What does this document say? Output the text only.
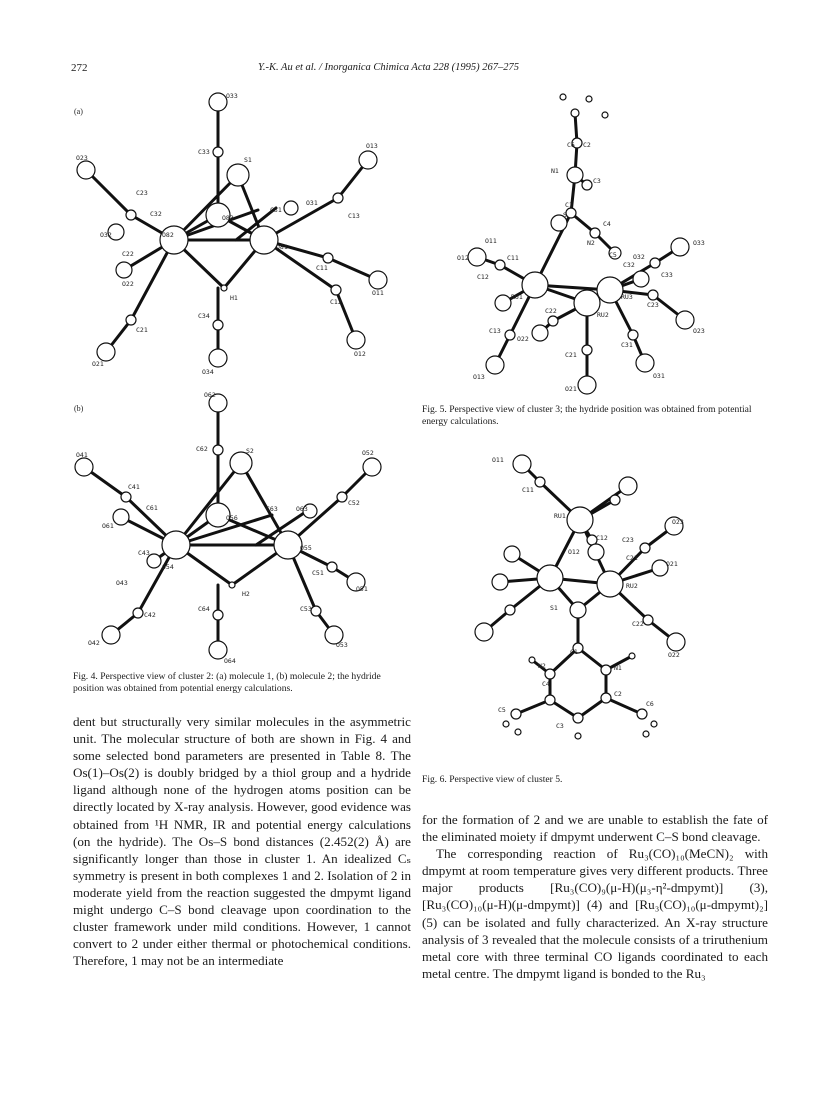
272	Y.-K. Au et al. / Inorganica Chimica Acta 228 (1995) 267–275
(a)
O33
C33
S1
O13
O23
C23
O31
C13
C32	C31
O32
O83
O82
O81
C22
C11
O11
O22
H1	C12
C34
C21
O12
O21
O34
(b)
O62
C62	S2
O41	O52
C41
C61	C63	O63
O61
O56
C52
C43
O55
O54
C51
O43
H2
O51
C42
C64	C53
O42	O53
O64
Fig. 4. Perspective view of cluster 2: (a) molecule 1, (b) molecule 2; the hydride position was obtained from potential energy calculations.
C6 C2
N1
C3
C1
S
C4
O11
O32
O33
O12	C11
N2
C5
C32
C12
RU1	RU3
C33
C23
C22	RU2
C13	O23
O22
C31
C21
O13	O31
O21
Fig. 5. Perspective view of cluster 3; the hydride position was obtained from potential energy calculations.
O11
C11
RU1
O23
C12 C23
O12
O21
C21
RU2
S1
C22
O22
N2
C1
N1
C4
C2
C5
C6
C3
Fig. 6. Perspective view of cluster 5.

dent but structurally very similar molecules in the asymmetric unit. The molecular structure of both are shown in Fig. 4 and some selected bond parameters are presented in Table 8. The Os(1)–Os(2) is doubly bridged by a thiol group and a hydride ligand although none of the hydrogen atoms position can be directly located by X-ray analysis. However, good evidence was obtained from ¹H NMR, IR and potential energy calculations (on the hydride). The Os–S bond distances (2.452(2) Å) are significantly longer than those in cluster 1. An idealized Cₛ symmetry is present in both complexes 1 and 2. Isolation of 2 in moderate yield from the reaction suggested the dmpymt ligand might undergo C–S bond cleavage upon coordination to the cluster framework under mild conditions. However, 1 cannot convert to 2 under either thermal or photochemical conditions. Therefore, 1 may not be an intermediate

for the formation of 2 and we are unable to establish the fate of the eliminated moiety if dmpymt underwent C–S bond cleavage.

The corresponding reaction of Ru₃(CO)₁₀(MeCN)₂ with dmpymt at room temperature gives very different products. Three major products [Ru₃(CO)₉(μ-H)(μ₃-η²-dmpymt)] (3), [Ru₃(CO)₁₀(μ-H)(μ-dmpymt)] (4) and [Ru₃(CO)₁₀(μ-dmpymt)₂] (5) can be isolated and fully characterized. An X-ray structure analysis of 3 revealed that the molecule consists of a triruthenium metal core with three terminal CO ligands coordinated to each metal centre. The dmpymt ligand is bonded to the Ru₃
